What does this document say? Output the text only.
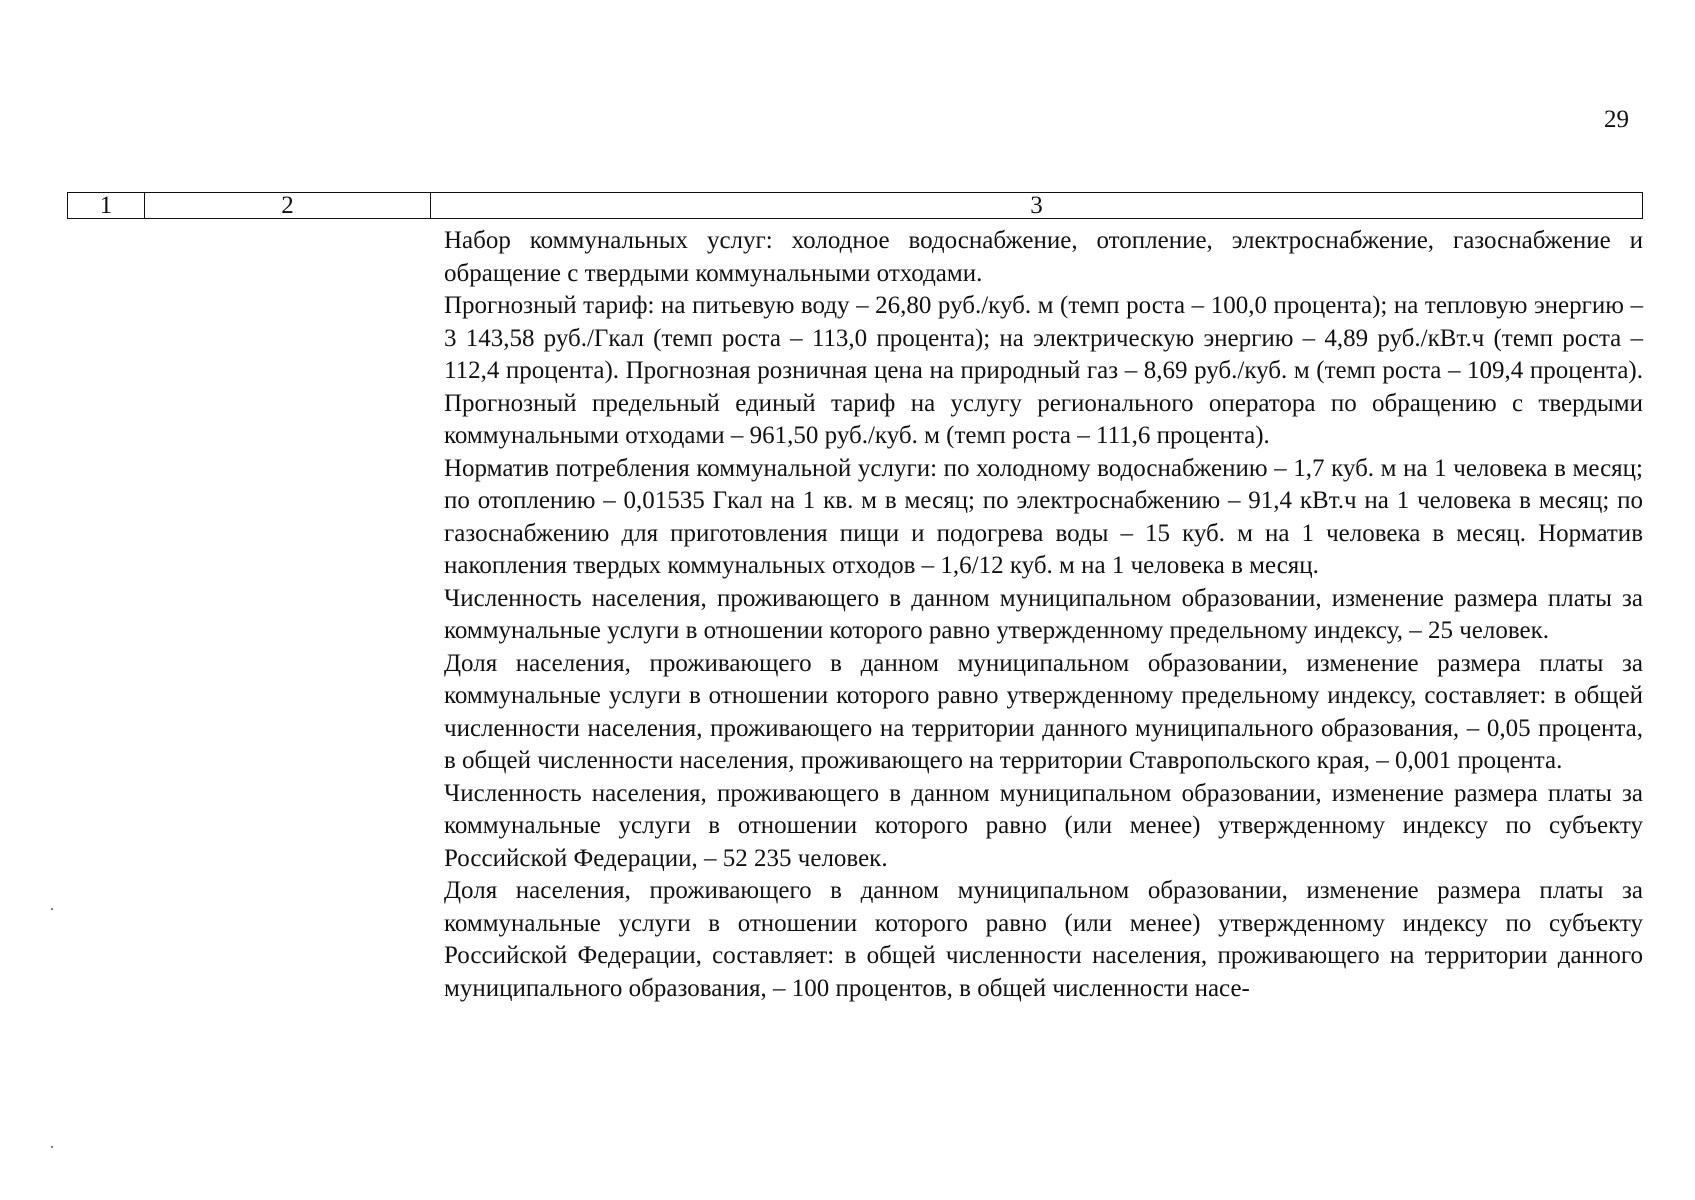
29
1	2	3

Набор коммунальных услуг: холодное водоснабжение, отопление, электроснабжение, газоснабжение и обращение с твердыми коммунальными отходами.

Прогнозный тариф: на питьевую воду – 26,80 руб./куб. м (темп роста – 100,0 процента); на тепловую энергию – 3 143,58 руб./Гкал (темп роста – 113,0 процента); на электрическую энергию – 4,89 руб./кВт.ч (темп роста – 112,4 процента). Прогнозная розничная цена на природный газ – 8,69 руб./куб. м (темп роста – 109,4 процента). Прогнозный предельный единый тариф на услугу регионального оператора по обращению с твердыми коммунальными отходами – 961,50 руб./куб. м (темп роста – 111,6 процента).

Норматив потребления коммунальной услуги: по холодному водоснабжению – 1,7 куб. м на 1 человека в месяц; по отоплению – 0,01535 Гкал на 1 кв. м в месяц; по электроснабжению – 91,4 кВт.ч на 1 человека в месяц; по газоснабжению для приготовления пищи и подогрева воды – 15 куб. м на 1 человека в месяц. Норматив накопления твердых коммунальных отходов – 1,6/12 куб. м на 1 человека в месяц.

Численность населения, проживающего в данном муниципальном образовании, изменение размера платы за коммунальные услуги в отношении которого равно утвержденному предельному индексу, – 25 человек.

Доля населения, проживающего в данном муниципальном образовании, изменение размера платы за коммунальные услуги в отношении которого равно утвержденному предельному индексу, составляет: в общей численности населения, проживающего на территории данного муниципального образования, – 0,05 процента, в общей численности населения, проживающего на территории Ставропольского края, – 0,001 процента.

Численность населения, проживающего в данном муниципальном образовании, изменение размера платы за коммунальные услуги в отношении которого равно (или менее) утвержденному индексу по субъекту Российской Федерации, – 52 235 человек.

Доля населения, проживающего в данном муниципальном образовании, изменение размера платы за коммунальные услуги в отношении которого равно (или менее) утвержденному индексу по субъекту Российской Федерации, составляет: в общей численности населения, проживающего на территории данного муниципального образования, – 100 процентов, в общей численности насе-
